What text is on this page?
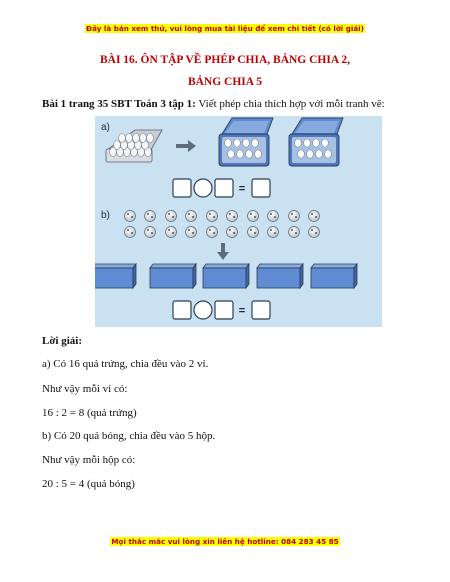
Đây là bản xem thử, vui lòng mua tài liệu để xem chi tiết (có lời giải)
BÀI 16. ÔN TẬP VỀ PHÉP CHIA, BẢNG CHIA 2,
BẢNG CHIA 5
Bài 1 trang 35 SBT Toán 3 tập 1: Viết phép chia thích hợp với mỗi tranh vẽ:
a)
=
b)
=
Lời giải:
a) Có 16 quả trứng, chia đều vào 2 vỉ.
Như vậy mỗi vỉ có:
16 : 2 = 8 (quả trứng)
b) Có 20 quả bóng, chia đều vào 5 hộp.
Như vậy mỗi hộp có:
20 : 5 = 4 (quả bóng)
Mọi thắc mắc vui lòng xin liên hệ hotline: 084 283 45 85
